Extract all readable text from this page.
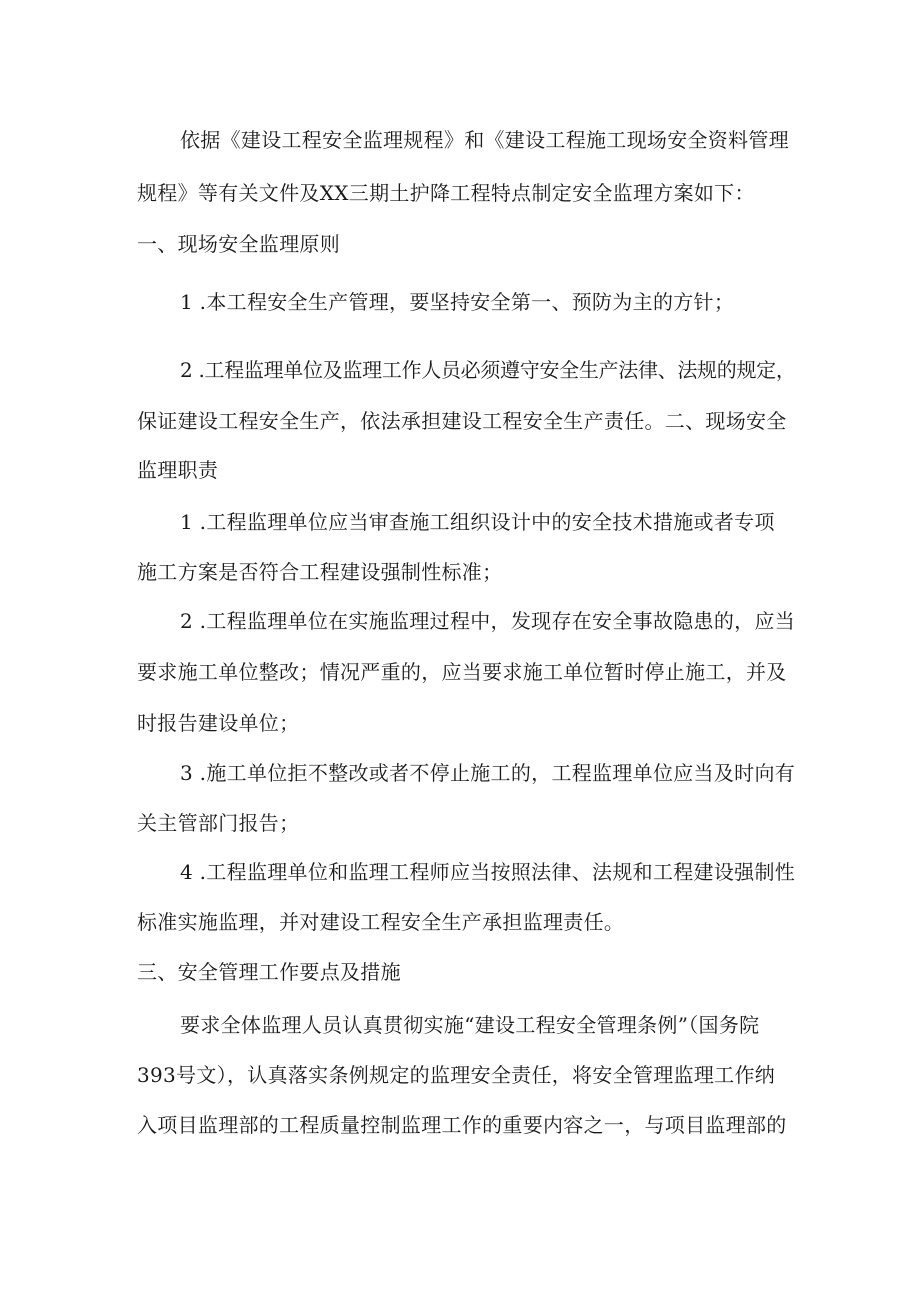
依据《建设工程安全监理规程》和《建设工程施工现场安全资料管理
规程》等有关文件及XX三期土护降工程特点制定安全监理方案如下：
一、现场安全监理原则
1 .本工程安全生产管理，要坚持安全第一、预防为主的方针；
2 .工程监理单位及监理工作人员必须遵守安全生产法律、法规的规定，
保证建设工程安全生产，依法承担建设工程安全生产责任。二、现场安全
监理职责
1 .工程监理单位应当审查施工组织设计中的安全技术措施或者专项
施工方案是否符合工程建设强制性标准；
2 .工程监理单位在实施监理过程中，发现存在安全事故隐患的，应当
要求施工单位整改；情况严重的，应当要求施工单位暂时停止施工，并及
时报告建设单位；
3 .施工单位拒不整改或者不停止施工的，工程监理单位应当及时向有
关主管部门报告；
4 .工程监理单位和监理工程师应当按照法律、法规和工程建设强制性
标准实施监理，并对建设工程安全生产承担监理责任。
三、安全管理工作要点及措施
要求全体监理人员认真贯彻实施“建设工程安全管理条例”（国务院
393号文），认真落实条例规定的监理安全责任，将安全管理监理工作纳
入项目监理部的工程质量控制监理工作的重要内容之一，与项目监理部的
